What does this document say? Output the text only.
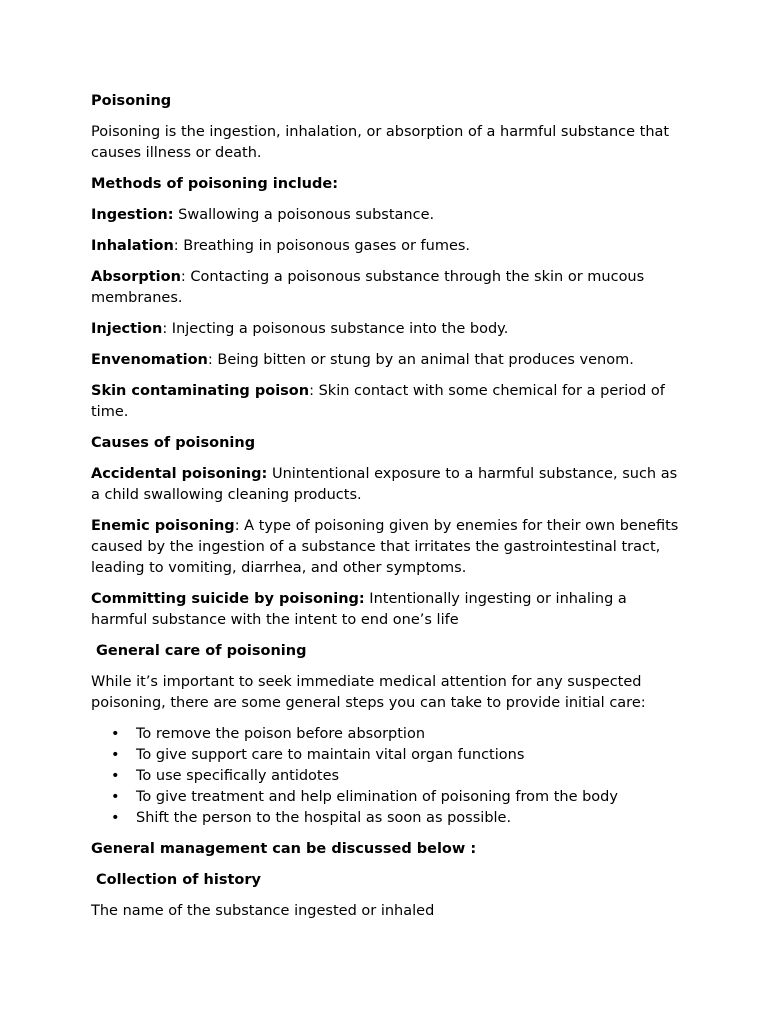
Poisoning

Poisoning is the ingestion, inhalation, or absorption of a harmful substance that causes illness or death.

Methods of poisoning include:

Ingestion: Swallowing a poisonous substance.

Inhalation: Breathing in poisonous gases or fumes.

Absorption: Contacting a poisonous substance through the skin or mucous membranes.

Injection: Injecting a poisonous substance into the body.

Envenomation: Being bitten or stung by an animal that produces venom.

Skin contaminating poison: Skin contact with some chemical for a period of time.

Causes of poisoning

Accidental poisoning: Unintentional exposure to a harmful substance, such as a child swallowing cleaning products.

Enemic poisoning: A type of poisoning given by enemies for their own benefits caused by the ingestion of a substance that irritates the gastrointestinal tract, leading to vomiting, diarrhea, and other symptoms.

Committing suicide by poisoning: Intentionally ingesting or inhaling a harmful substance with the intent to end one’s life

General care of poisoning

While it’s important to seek immediate medical attention for any suspected poisoning, there are some general steps you can take to provide initial care:

• To remove the poison before absorption
• To give support care to maintain vital organ functions
• To use specifically antidotes
• To give treatment and help elimination of poisoning from the body
• Shift the person to the hospital as soon as possible.

General management can be discussed below :

Collection of history

The name of the substance ingested or inhaled
